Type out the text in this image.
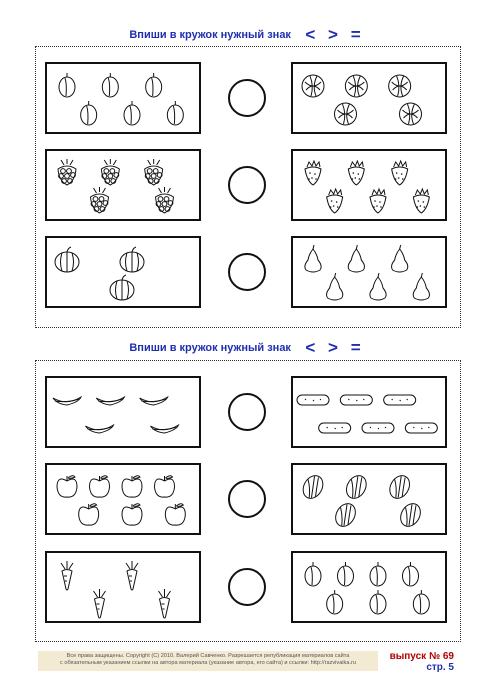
Впиши в кружок нужный знак < > =
Впиши в кружок нужный знак < > =
Все права защищены. Copyright (C) 2010. Валерий Савченко. Разрешается републикация материалов сайта
с обязательным указанием ссылки на автора материала (указание автора, его сайта) и ссылки: http://razvivaika.ru
выпуск № 69
стр. 5
